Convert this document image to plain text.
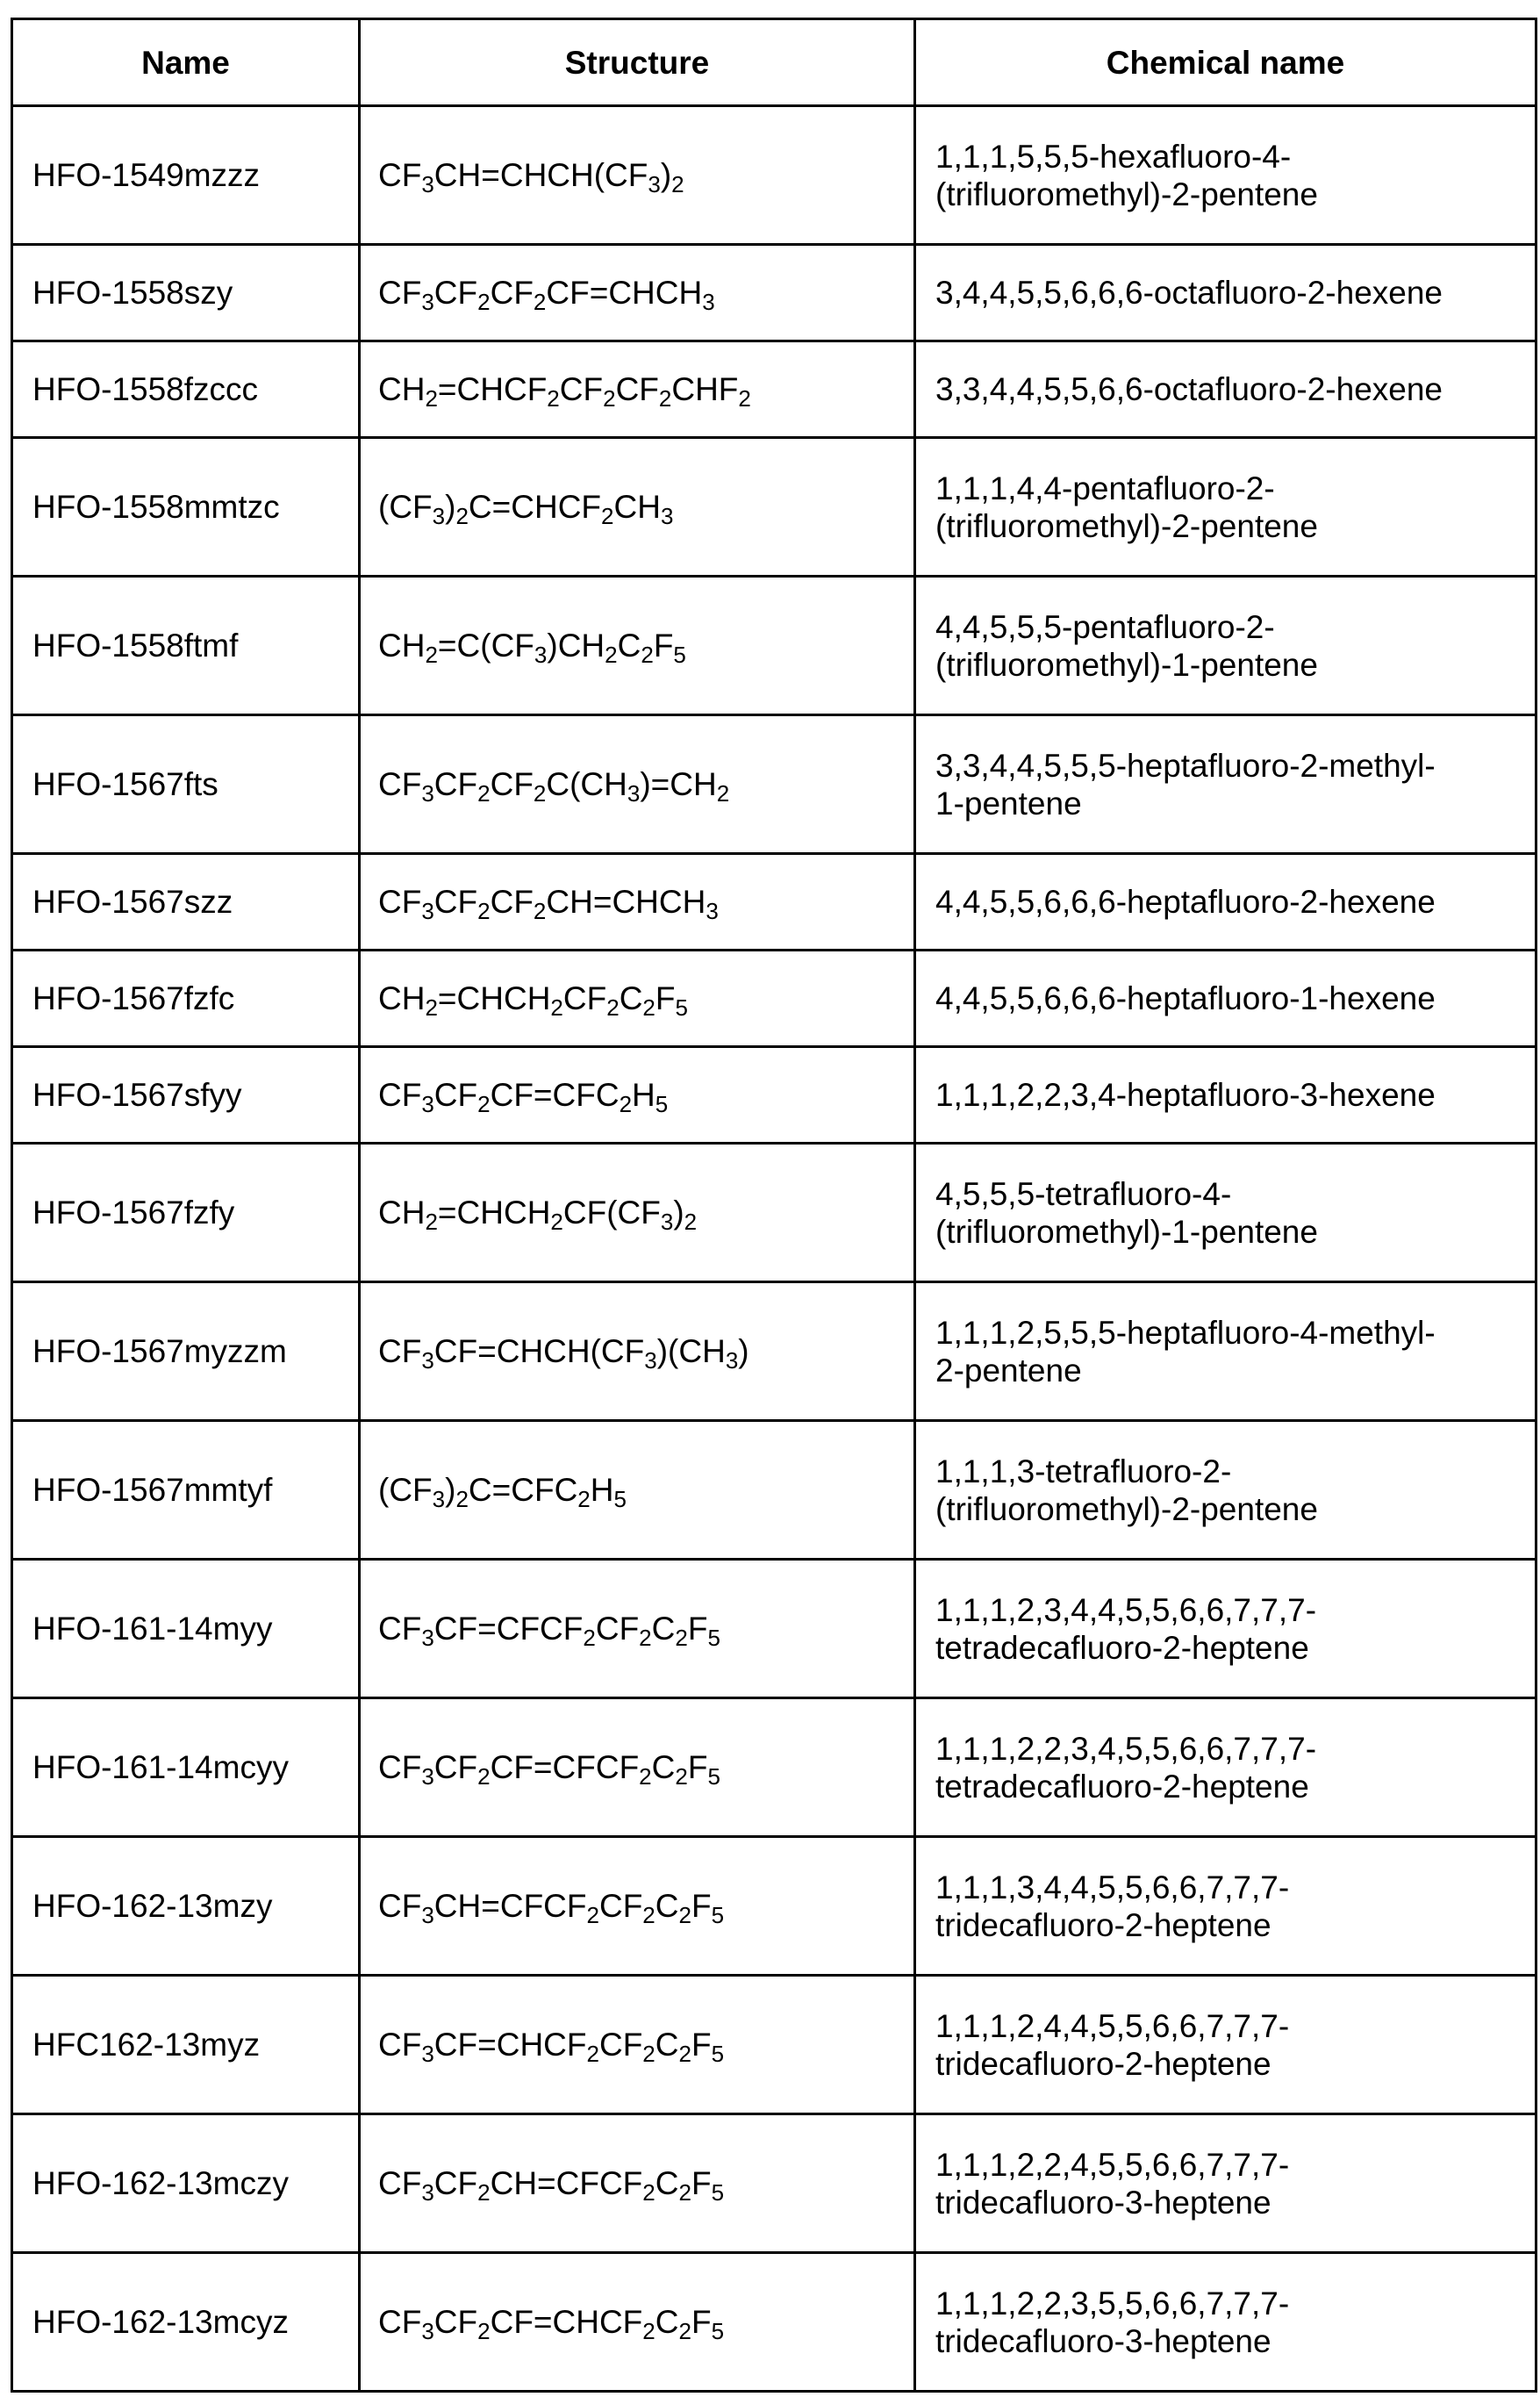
Name	Structure	Chemical name
HFO-1549mzzz	CF3CH=CHCH(CF3)2	
1,1,1,5,5,5-hexafluoro-4-
(trifluoromethyl)-2-pentene

HFO-1558szy	CF3CF2CF2CF=CHCH3	3,4,4,5,5,6,6,6-octafluoro-2-hexene

HFO-1558fzccc	CH2=CHCF2CF2CF2CHF2	3,3,4,4,5,5,6,6-octafluoro-2-hexene

HFO-1558mmtzc	(CF3)2C=CHCF2CH3	
1,1,1,4,4-pentafluoro-2-
(trifluoromethyl)-2-pentene

HFO-1558ftmf	CH2=C(CF3)CH2C2F5	
4,4,5,5,5-pentafluoro-2-
(trifluoromethyl)-1-pentene

HFO-1567fts	CF3CF2CF2C(CH3)=CH2	
3,3,4,4,5,5,5-heptafluoro-2-methyl-
1-pentene

HFO-1567szz	CF3CF2CF2CH=CHCH3	4,4,5,5,6,6,6-heptafluoro-2-hexene

HFO-1567fzfc	CH2=CHCH2CF2C2F5	4,4,5,5,6,6,6-heptafluoro-1-hexene

HFO-1567sfyy	CF3CF2CF=CFC2H5	1,1,1,2,2,3,4-heptafluoro-3-hexene

HFO-1567fzfy	CH2=CHCH2CF(CF3)2	
4,5,5,5-tetrafluoro-4-
(trifluoromethyl)-1-pentene

HFO-1567myzzm	CF3CF=CHCH(CF3)(CH3)	
1,1,1,2,5,5,5-heptafluoro-4-methyl-
2-pentene

HFO-1567mmtyf	(CF3)2C=CFC2H5	
1,1,1,3-tetrafluoro-2-
(trifluoromethyl)-2-pentene

HFO-161-14myy	CF3CF=CFCF2CF2C2F5	
1,1,1,2,3,4,4,5,5,6,6,7,7,7-
tetradecafluoro-2-heptene

HFO-161-14mcyy	CF3CF2CF=CFCF2C2F5	
1,1,1,2,2,3,4,5,5,6,6,7,7,7-
tetradecafluoro-2-heptene

HFO-162-13mzy	CF3CH=CFCF2CF2C2F5	
1,1,1,3,4,4,5,5,6,6,7,7,7-
tridecafluoro-2-heptene

HFC162-13myz	CF3CF=CHCF2CF2C2F5	
1,1,1,2,4,4,5,5,6,6,7,7,7-
tridecafluoro-2-heptene

HFO-162-13mczy	CF3CF2CH=CFCF2C2F5	
1,1,1,2,2,4,5,5,6,6,7,7,7-
tridecafluoro-3-heptene

HFO-162-13mcyz	CF3CF2CF=CHCF2C2F5	
1,1,1,2,2,3,5,5,6,6,7,7,7-
tridecafluoro-3-heptene
